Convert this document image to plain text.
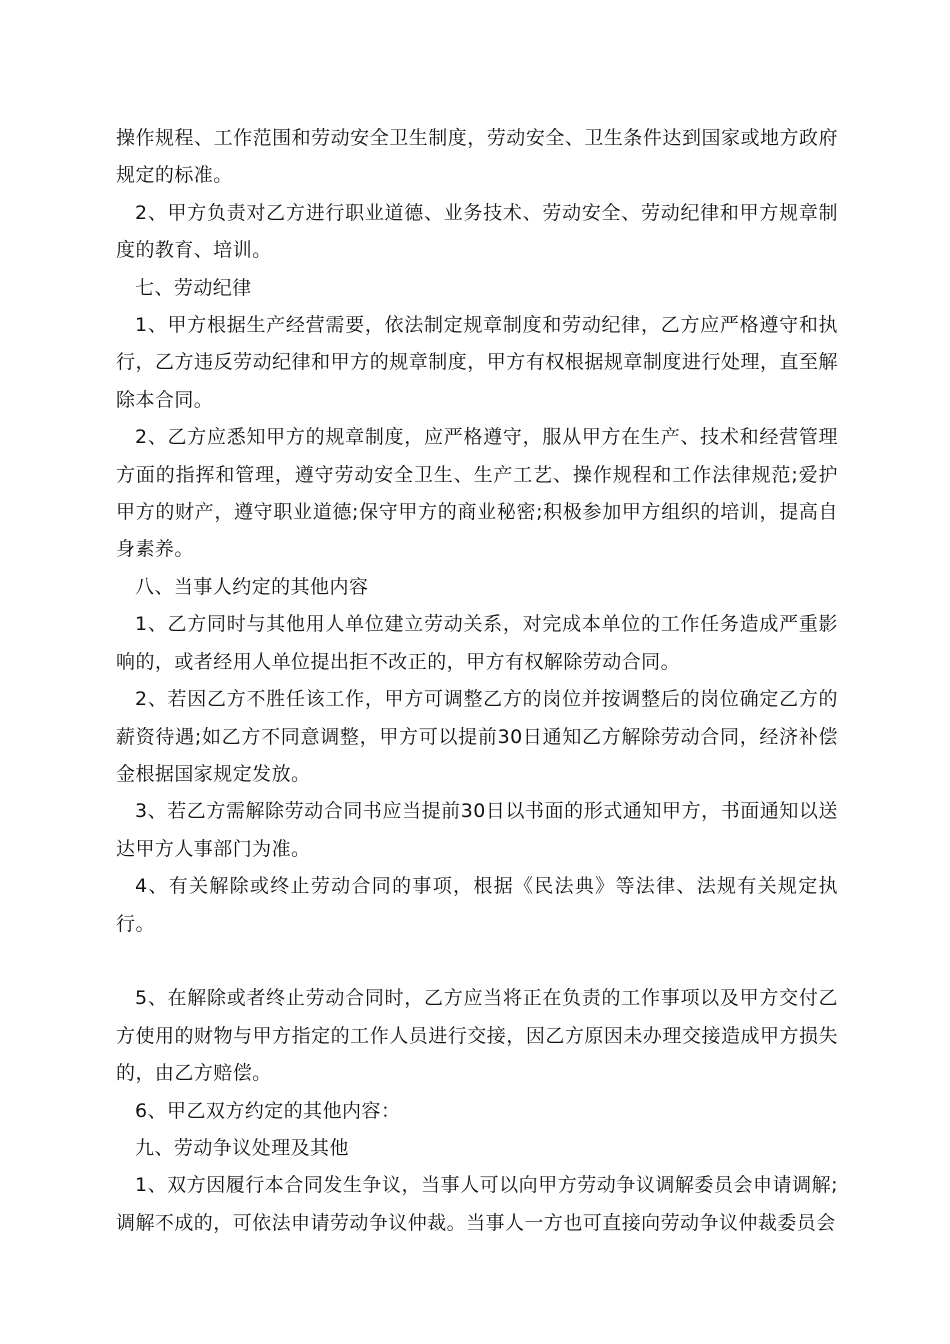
操作规程、工作范围和劳动安全卫生制度，劳动安全、卫生条件达到国家或地方政府规定的标准。

2、甲方负责对乙方进行职业道德、业务技术、劳动安全、劳动纪律和甲方规章制度的教育、培训。

七、劳动纪律

1、甲方根据生产经营需要，依法制定规章制度和劳动纪律，乙方应严格遵守和执行，乙方违反劳动纪律和甲方的规章制度，甲方有权根据规章制度进行处理，直至解除本合同。

2、乙方应悉知甲方的规章制度，应严格遵守，服从甲方在生产、技术和经营管理方面的指挥和管理，遵守劳动安全卫生、生产工艺、操作规程和工作法律规范;爱护甲方的财产，遵守职业道德;保守甲方的商业秘密;积极参加甲方组织的培训，提高自身素养。

八、当事人约定的其他内容

1、乙方同时与其他用人单位建立劳动关系，对完成本单位的工作任务造成严重影响的，或者经用人单位提出拒不改正的，甲方有权解除劳动合同。

2、若因乙方不胜任该工作，甲方可调整乙方的岗位并按调整后的岗位确定乙方的薪资待遇;如乙方不同意调整，甲方可以提前30日通知乙方解除劳动合同，经济补偿金根据国家规定发放。

3、若乙方需解除劳动合同书应当提前30日以书面的形式通知甲方，书面通知以送达甲方人事部门为准。

4、有关解除或终止劳动合同的事项，根据《民法典》等法律、法规有关规定执行。

5、在解除或者终止劳动合同时，乙方应当将正在负责的工作事项以及甲方交付乙方使用的财物与甲方指定的工作人员进行交接，因乙方原因未办理交接造成甲方损失的，由乙方赔偿。

6、甲乙双方约定的其他内容：

九、劳动争议处理及其他

1、双方因履行本合同发生争议，当事人可以向甲方劳动争议调解委员会申请调解;调解不成的，可依法申请劳动争议仲裁。当事人一方也可直接向劳动争议仲裁委员会
